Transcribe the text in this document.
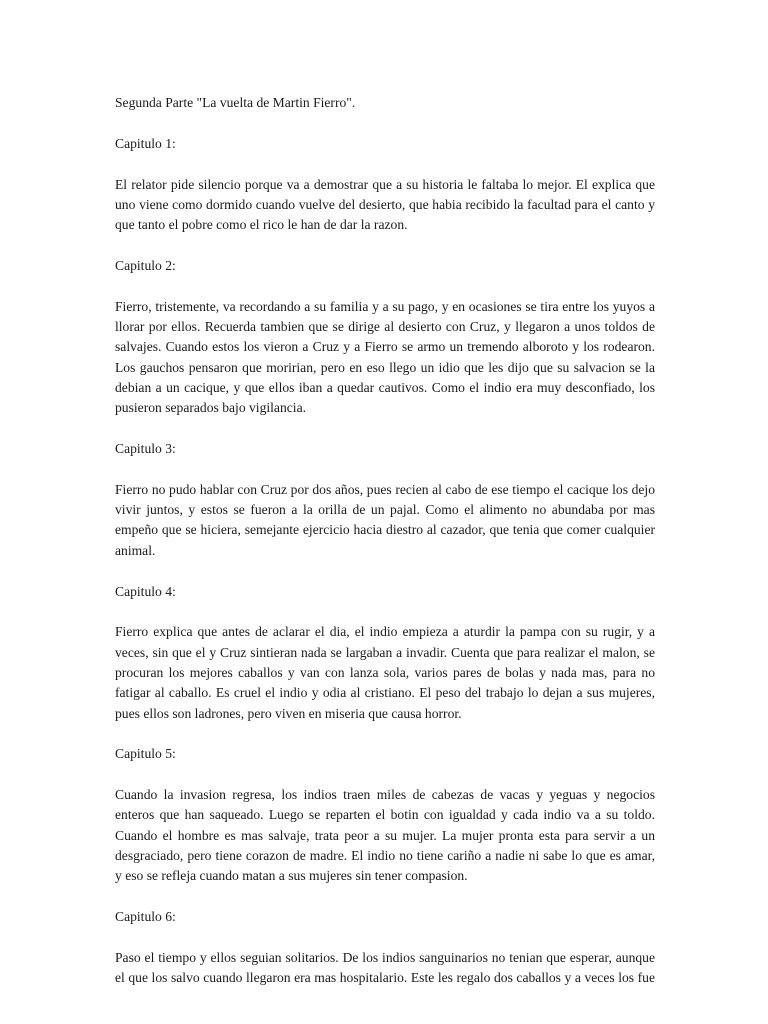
Segunda Parte "La vuelta de Martin Fierro".
Capitulo 1:

El relator pide silencio porque va a demostrar que a su historia le faltaba lo mejor. El explica que
uno viene como dormido cuando vuelve del desierto, que habia recibido la facultad para el canto y
que tanto el pobre como el rico le han de dar la razon.

Capitulo 2:

Fierro, tristemente, va recordando a su familia y a su pago, y en ocasiones se tira entre los yuyos a
llorar por ellos. Recuerda tambien que se dirige al desierto con Cruz, y llegaron a unos toldos de
salvajes. Cuando estos los vieron a Cruz y a Fierro se armo un tremendo alboroto y los rodearon.
Los gauchos pensaron que moririan, pero en eso llego un idio que les dijo que su salvacion se la
debian a un cacique, y que ellos iban a quedar cautivos. Como el indio era muy desconfiado, los
pusieron separados bajo vigilancia.

Capitulo 3:

Fierro no pudo hablar con Cruz por dos años, pues recien al cabo de ese tiempo el cacique los dejo
vivir juntos, y estos se fueron a la orilla de un pajal. Como el alimento no abundaba por mas
empeño que se hiciera, semejante ejercicio hacia diestro al cazador, que tenia que comer cualquier
animal.

Capitulo 4:

Fierro explica que antes de aclarar el dia, el indio empieza a aturdir la pampa con su rugir, y a
veces, sin que el y Cruz sintieran nada se largaban a invadir. Cuenta que para realizar el malon, se
procuran los mejores caballos y van con lanza sola, varios pares de bolas y nada mas, para no
fatigar al caballo. Es cruel el indio y odia al cristiano. El peso del trabajo lo dejan a sus mujeres,
pues ellos son ladrones, pero viven en miseria que causa horror.

Capitulo 5:

Cuando la invasion regresa, los indios traen miles de cabezas de vacas y yeguas y negocios
enteros que han saqueado. Luego se reparten el botin con igualdad y cada indio va a su toldo.
Cuando el hombre es mas salvaje, trata peor a su mujer. La mujer pronta esta para servir a un
desgraciado, pero tiene corazon de madre. El indio no tiene cariño a nadie ni sabe lo que es amar,
y eso se refleja cuando matan a sus mujeres sin tener compasion.

Capitulo 6:

Paso el tiempo y ellos seguian solitarios. De los indios sanguinarios no tenian que esperar, aunque
el que los salvo cuando llegaron era mas hospitalario. Este les regalo dos caballos y a veces los fue
